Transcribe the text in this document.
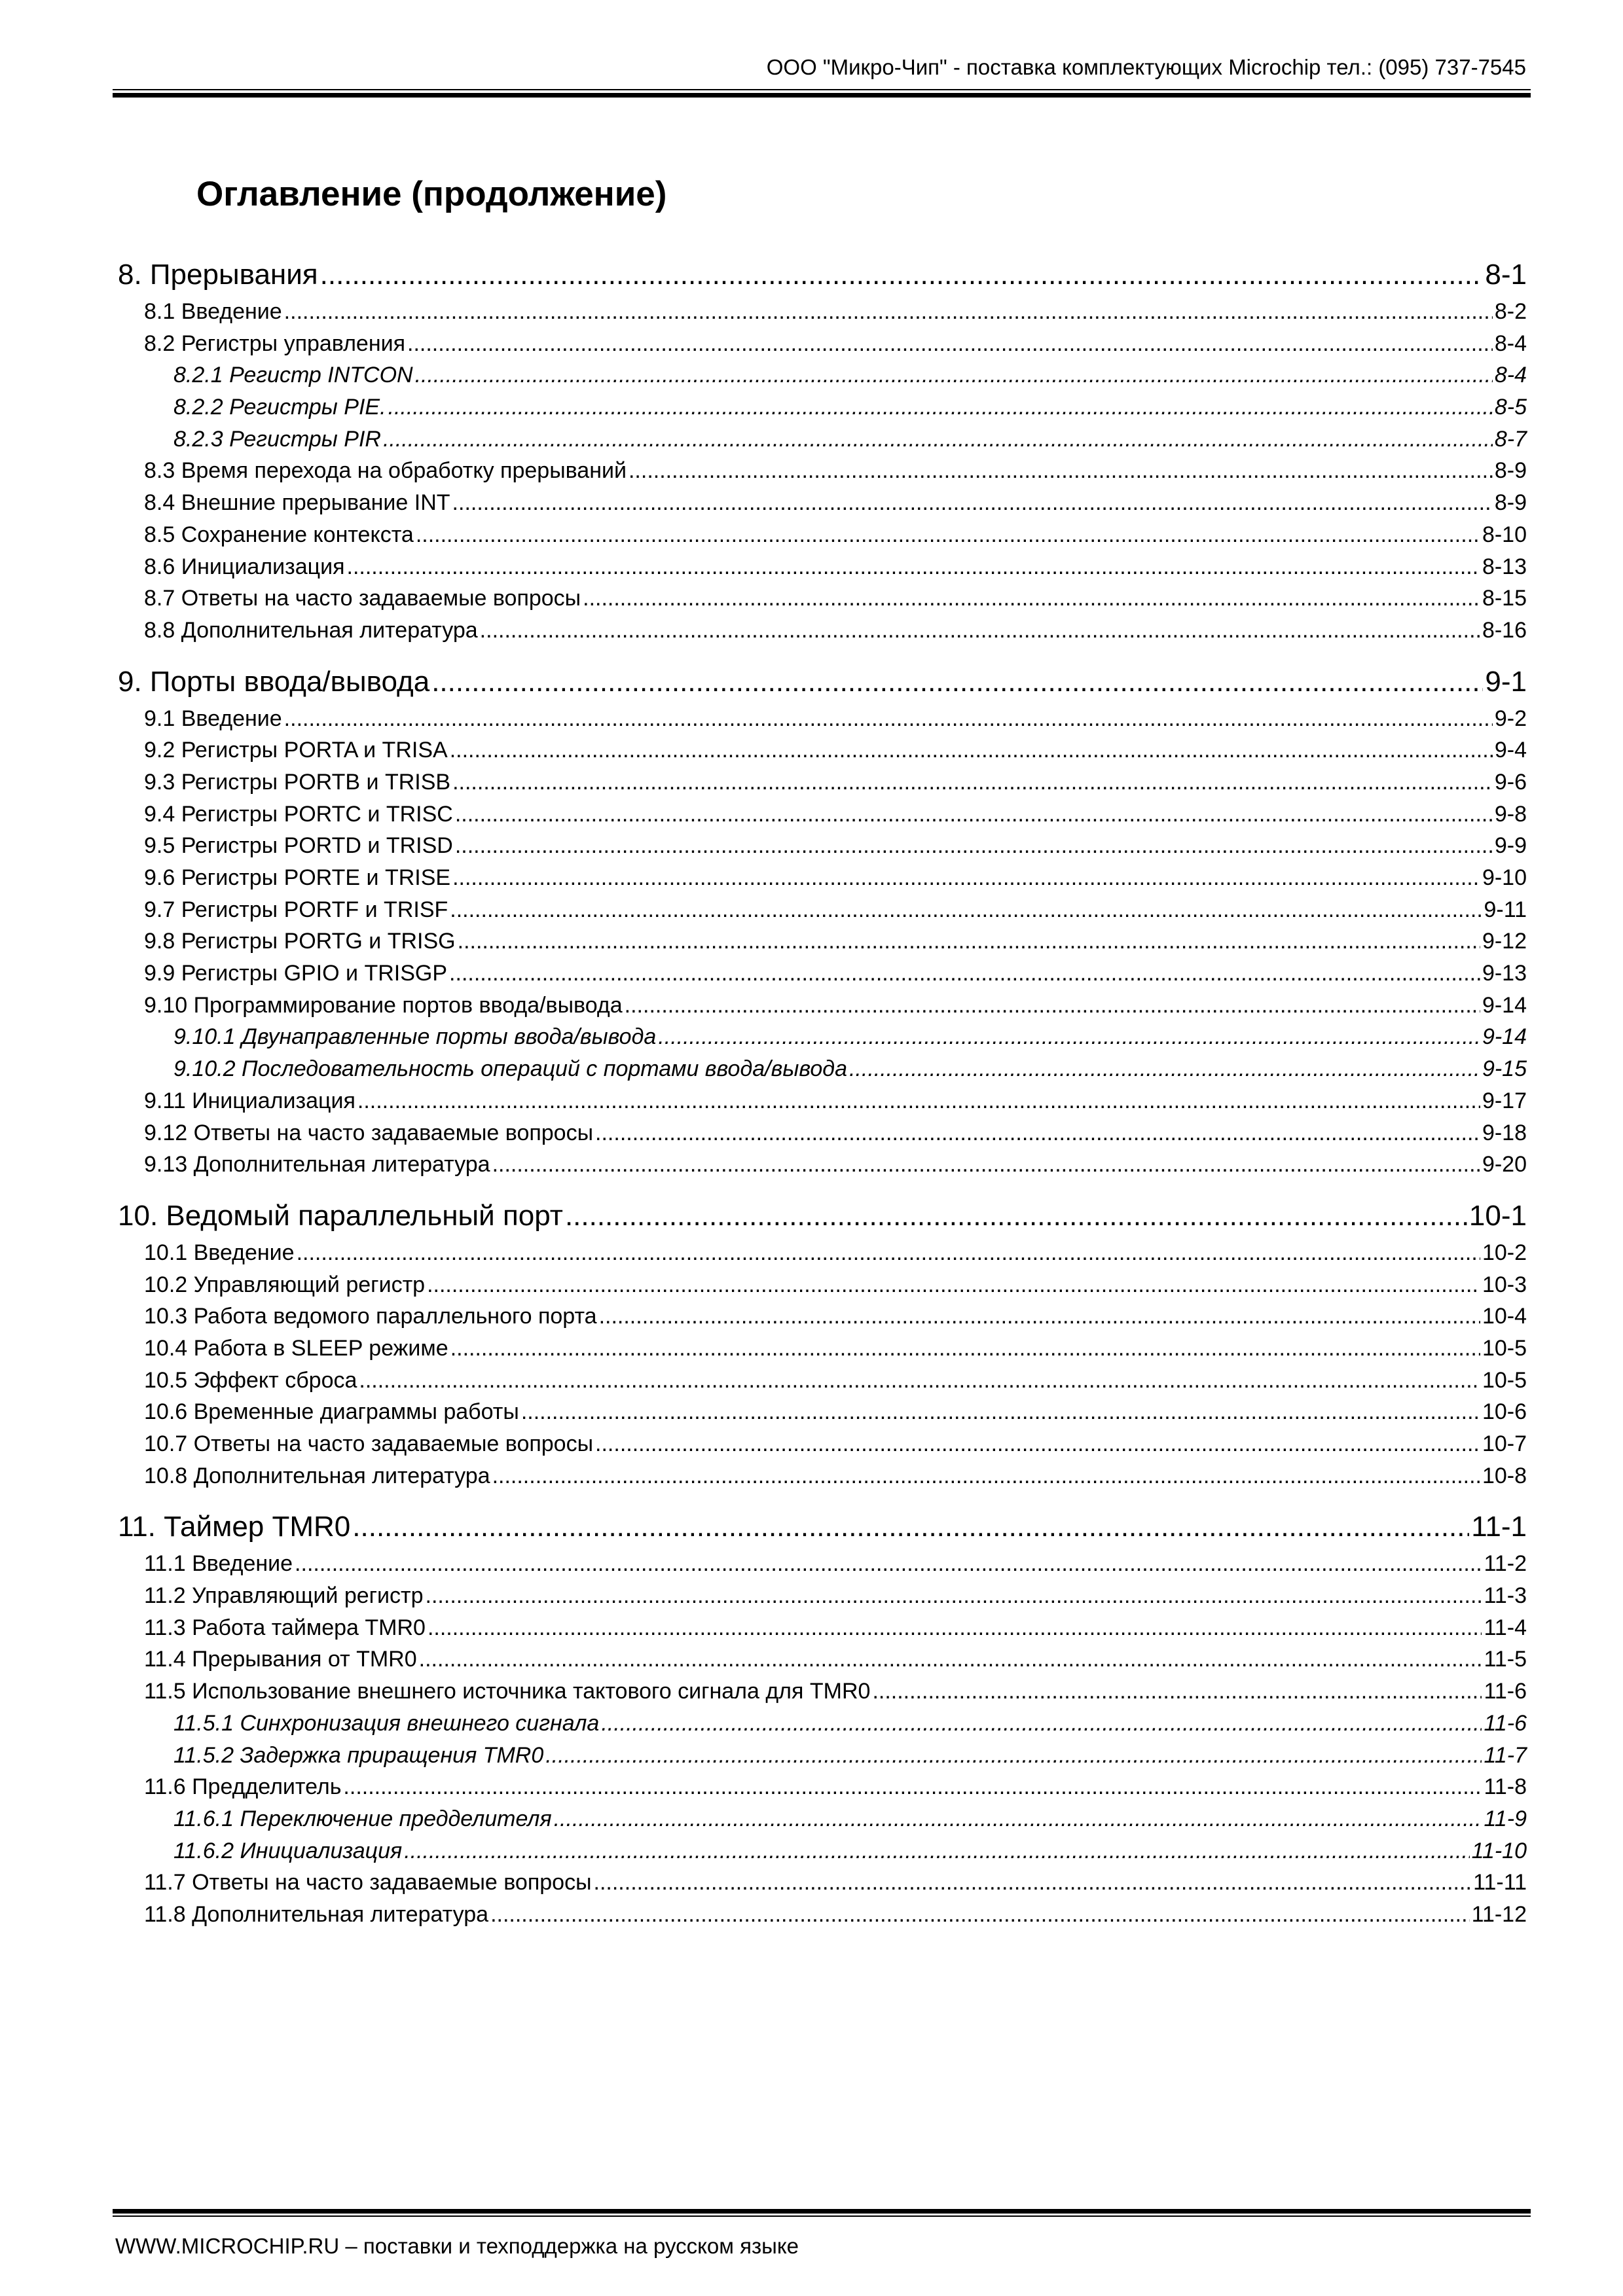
ООО "Микро-Чип" - поставка комплектующих Microchip тел.: (095) 737-7545
Оглавление (продолжение)
8. Прерывания .....	8-1
8.1 Введение .....	8-2
8.2 Регистры управления .....	8-4
8.2.1 Регистр INTCON .....	8-4
8.2.2 Регистры PIE. .....	8-5
8.2.3 Регистры PIR .....	8-7
8.3 Время перехода на обработку прерываний .....	8-9
8.4 Внешние прерывание INT .....	8-9
8.5 Сохранение контекста .....	8-10
8.6 Инициализация .....	8-13
8.7 Ответы на часто задаваемые вопросы .....	8-15
8.8 Дополнительная литература .....	8-16
9. Порты ввода/вывода .....	9-1
9.1 Введение .....	9-2
9.2 Регистры PORTA и TRISA .....	9-4
9.3 Регистры PORTB и TRISB .....	9-6
9.4 Регистры PORTC и TRISC .....	9-8
9.5 Регистры PORTD и TRISD .....	9-9
9.6 Регистры PORTE и TRISE .....	9-10
9.7 Регистры PORTF и TRISF .....	9-11
9.8 Регистры PORTG и TRISG .....	9-12
9.9 Регистры GPIO и TRISGP .....	9-13
9.10 Программирование портов ввода/вывода .....	9-14
9.10.1 Двунаправленные порты ввода/вывода .....	9-14
9.10.2 Последовательность операций с портами ввода/вывода .....	9-15
9.11 Инициализация .....	9-17
9.12 Ответы на часто задаваемые вопросы .....	9-18
9.13 Дополнительная литература .....	9-20
10. Ведомый параллельный порт .....	10-1
10.1 Введение .....	10-2
10.2 Управляющий регистр .....	10-3
10.3 Работа ведомого параллельного порта .....	10-4
10.4 Работа в SLEEP режиме .....	10-5
10.5 Эффект сброса .....	10-5
10.6 Временные диаграммы работы .....	10-6
10.7 Ответы на часто задаваемые вопросы .....	10-7
10.8 Дополнительная литература .....	10-8
11. Таймер TMR0 .....	11-1
11.1 Введение .....	11-2
11.2 Управляющий регистр .....	11-3
11.3 Работа таймера TMR0 .....	11-4
11.4 Прерывания от TMR0 .....	11-5
11.5 Использование внешнего источника тактового сигнала для TMR0 .....	11-6
11.5.1 Синхронизация внешнего сигнала .....	11-6
11.5.2 Задержка приращения TMR0 .....	11-7
11.6 Предделитель .....	11-8
11.6.1 Переключение предделителя .....	11-9
11.6.2 Инициализация .....	11-10
11.7 Ответы на часто задаваемые вопросы .....	11-11
11.8 Дополнительная литература .....	11-12
WWW.MICROCHIP.RU – поставки и техподдержка на русском языке
